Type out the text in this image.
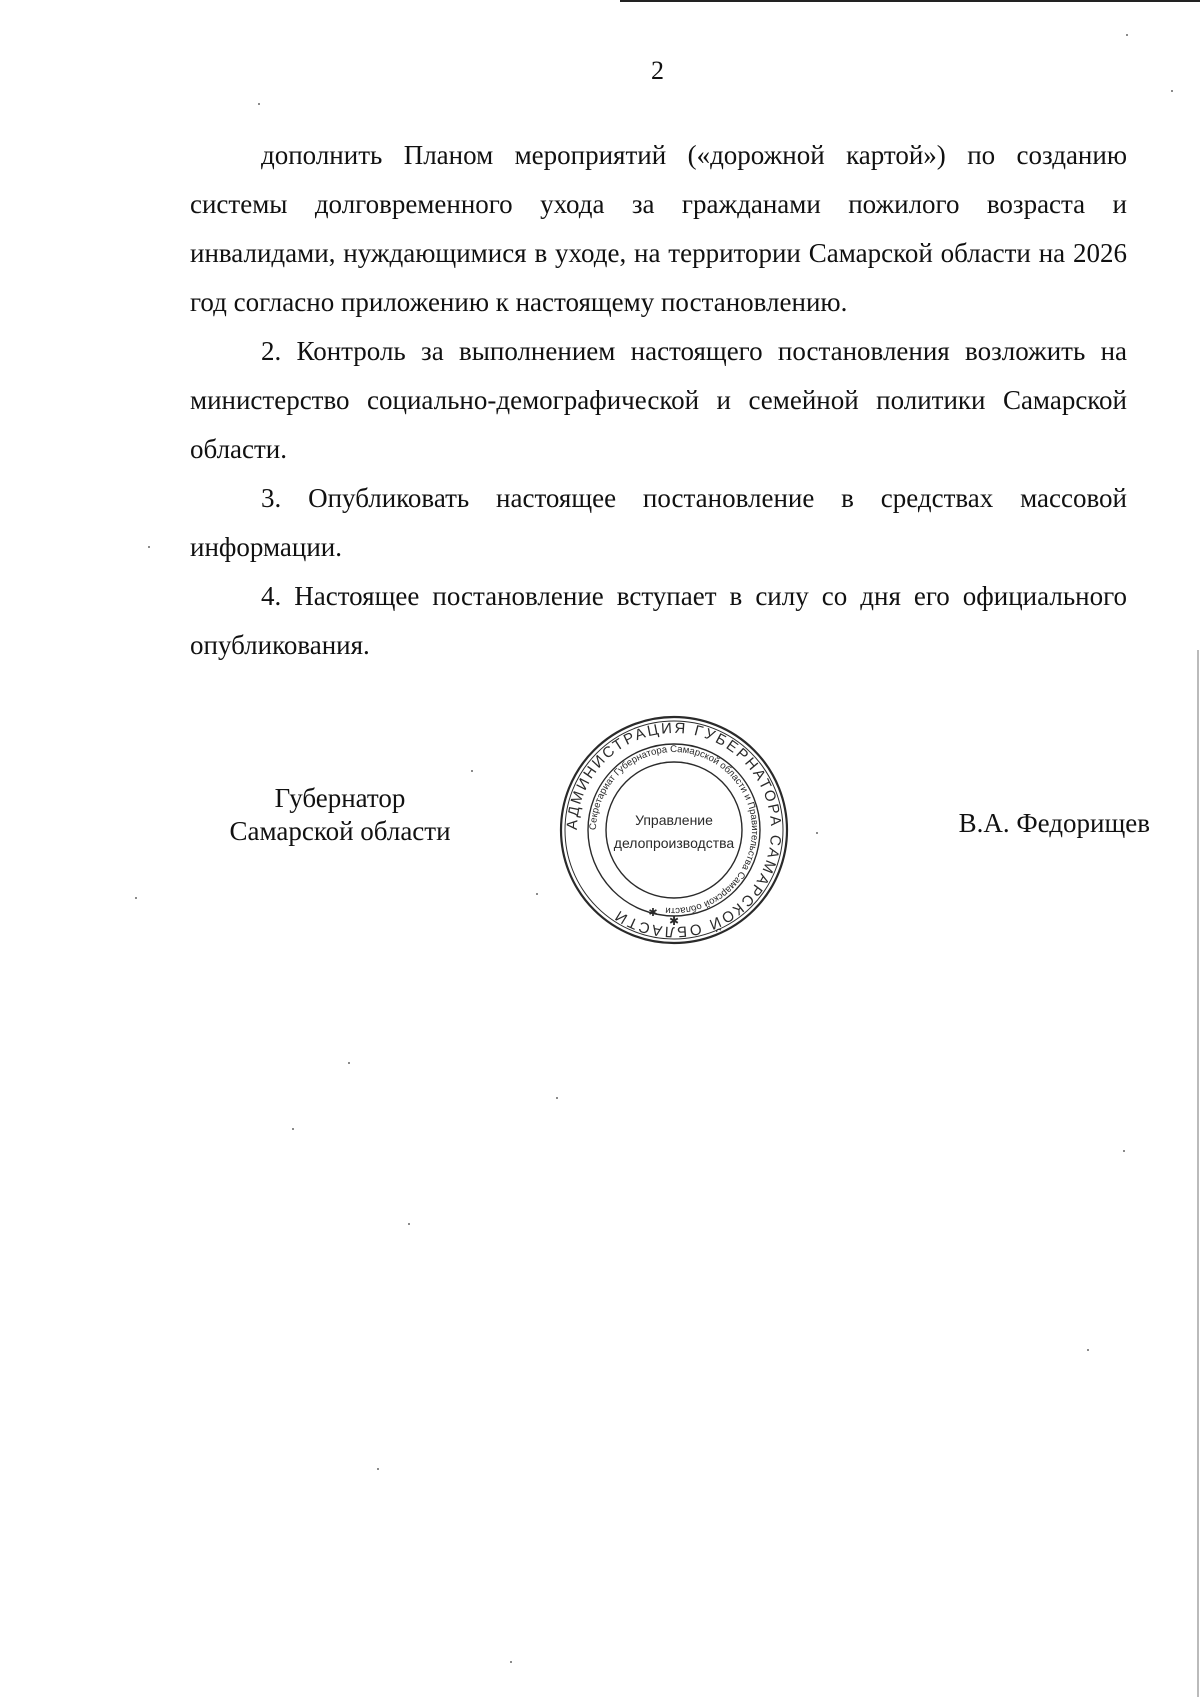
2

дополнить Планом мероприятий («дорожной картой») по созданию системы долговременного ухода за гражданами пожилого возраста и инвалидами, нуждающимися в уходе, на территории Самарской области на 2026 год согласно приложению к настоящему постановлению.

2. Контроль за выполнением настоящего постановления возложить на министерство социально-демографической и семейной политики Самарской области.

3. Опубликовать настоящее постановление в средствах массовой информации.

4. Настоящее постановление вступает в силу со дня его официального опубликования.

Губернатор
Самарской области	АДМИНИСТРАЦИЯ ГУБЕРНАТОРА САМАРСКОЙ ОБЛАСТИ
Секретариат Губернатора Самарской области и Правительства Самарской области
Управление
делопроизводства
✱
✱
В.А. Федорищев
